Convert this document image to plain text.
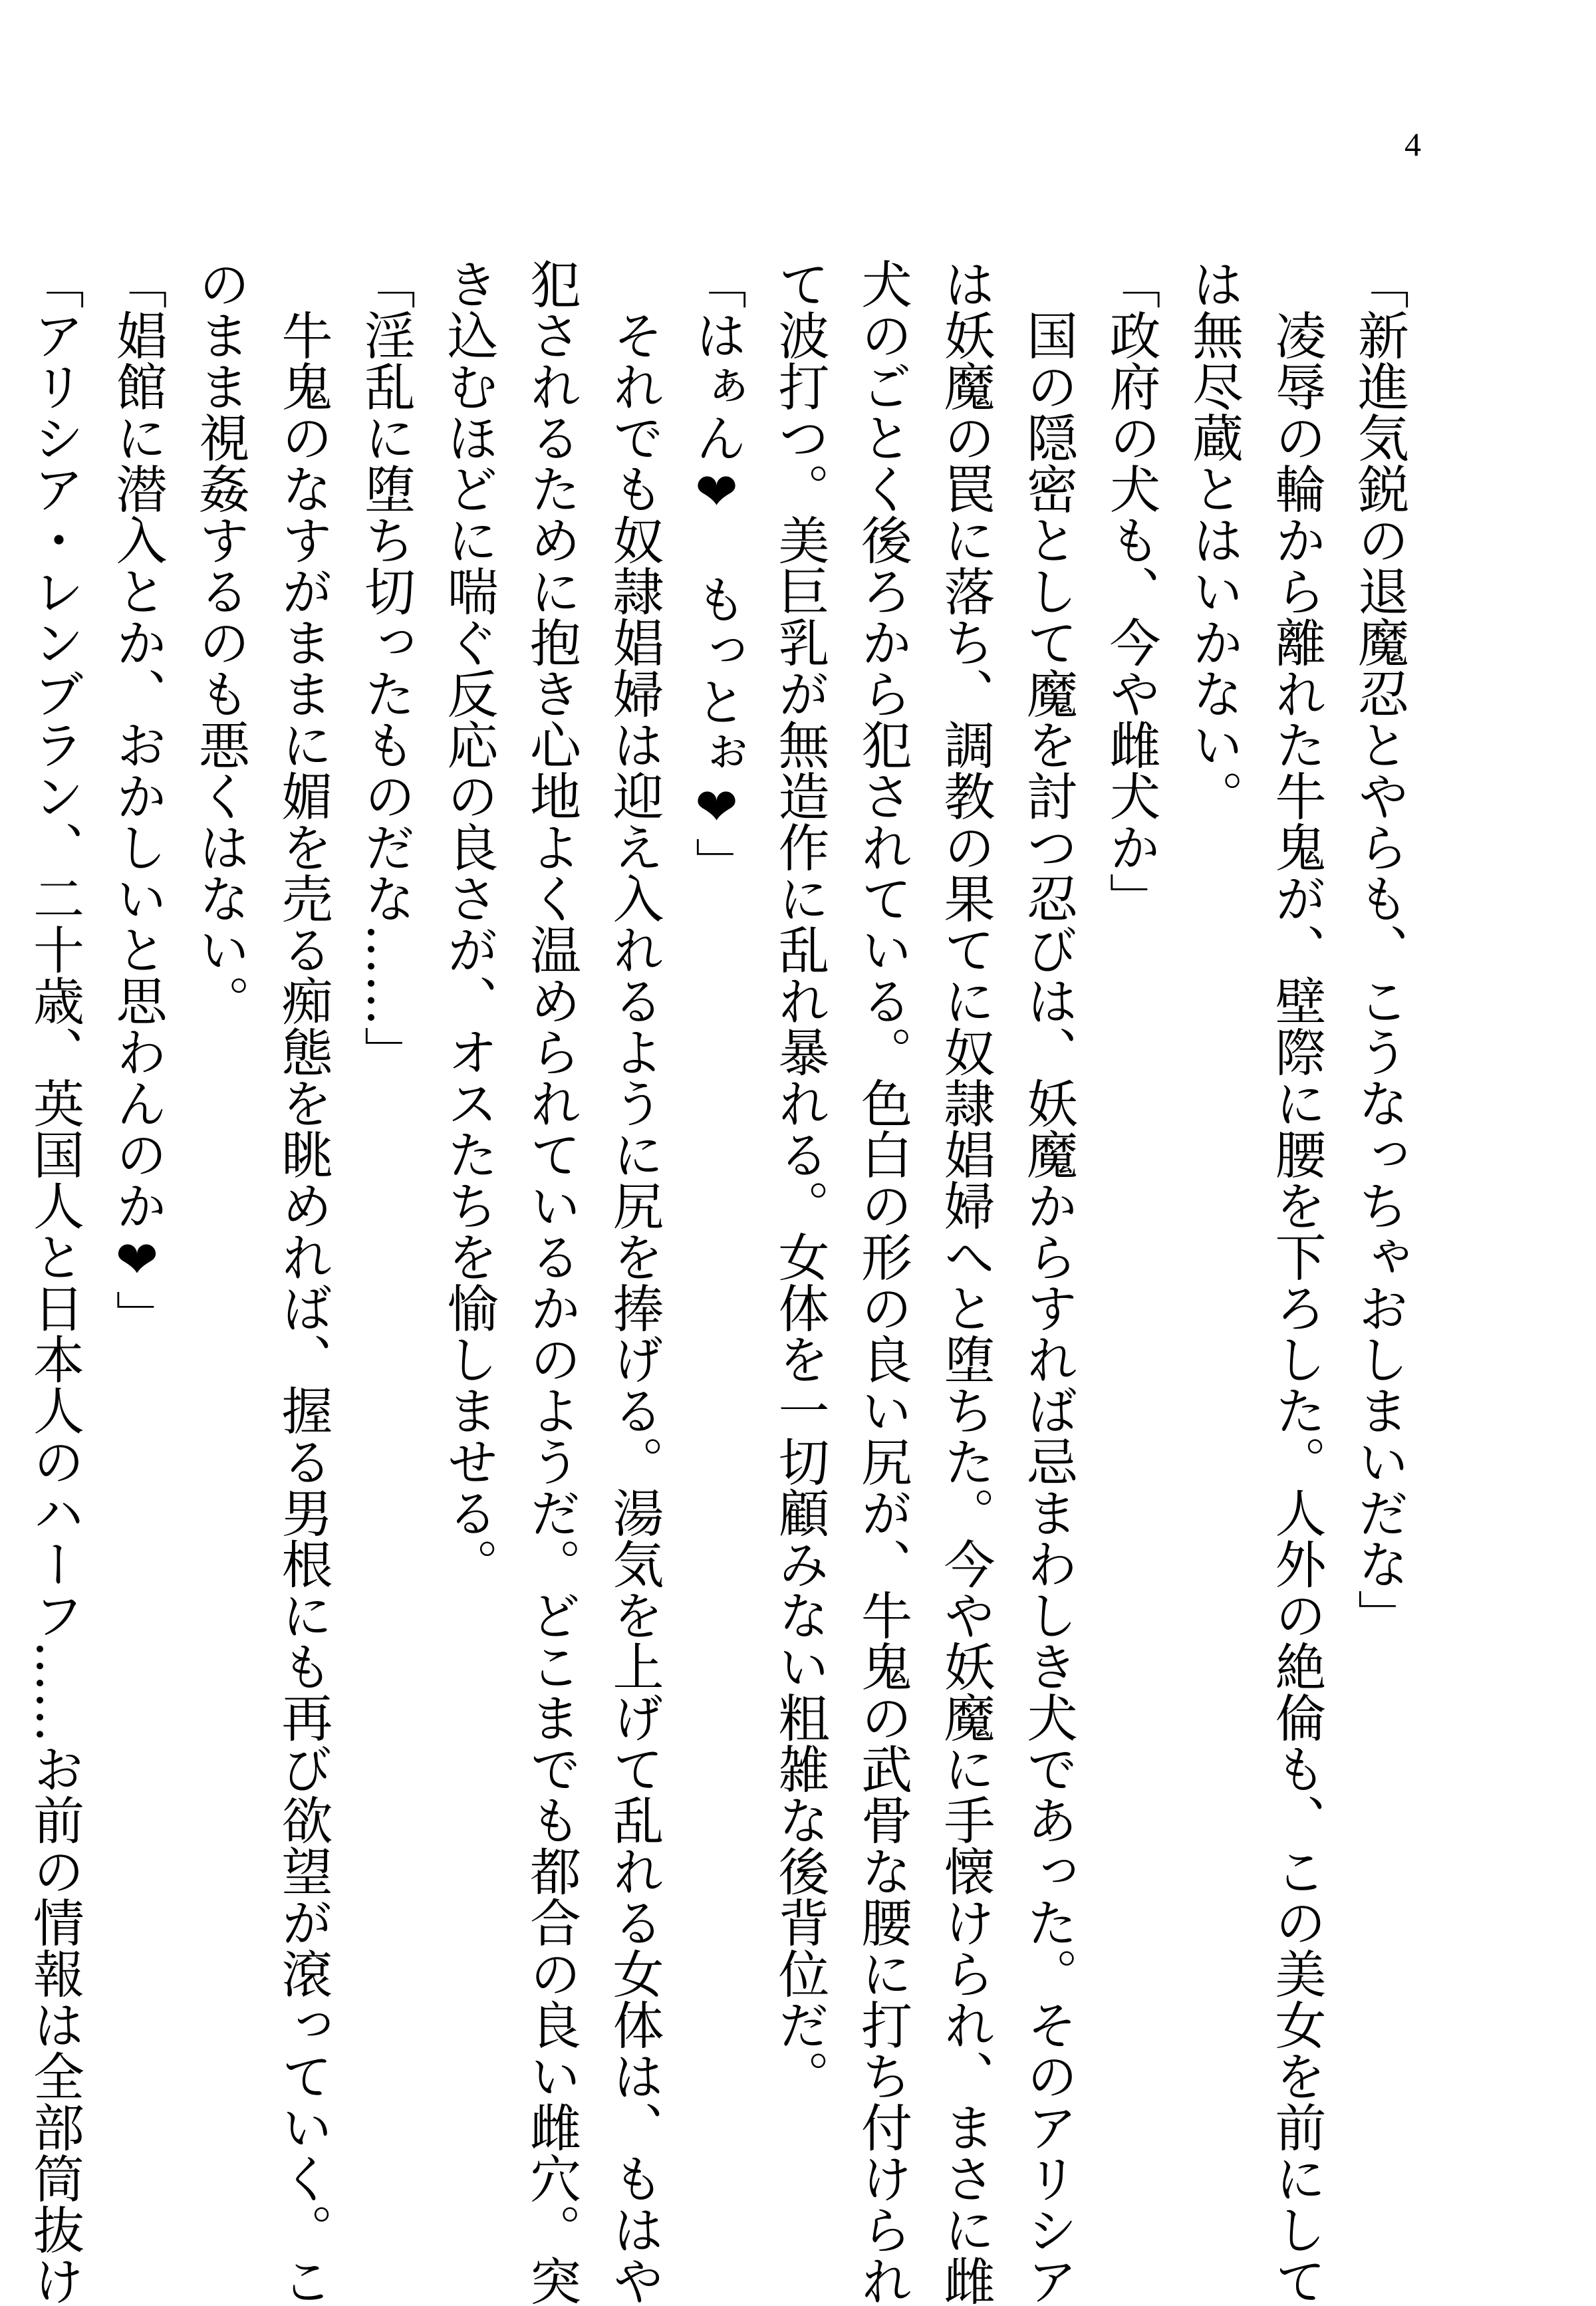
4
「新進気鋭の退魔忍とやらも、こうなっちゃおしまいだな」
凌辱の輪から離れた牛鬼が、壁際に腰を下ろした。人外の絶倫も、この美女を前にして
は無尽蔵とはいかない。
「政府の犬も、今や雌犬か」
国の隠密として魔を討つ忍びは、妖魔からすれば忌まわしき犬であった。そのアリシア
は妖魔の罠に落ち、調教の果てに奴隷娼婦へと堕ちた。今や妖魔に手懐けられ、まさに雌
犬のごとく後ろから犯されている。色白の形の良い尻が、牛鬼の武骨な腰に打ち付けられ
て波打つ。美巨乳が無造作に乱れ暴れる。女体を一切顧みない粗雑な後背位だ。
「はぁん❤　もっとぉ❤」
それでも奴隷娼婦は迎え入れるように尻を捧げる。湯気を上げて乱れる女体は、もはや
犯されるために抱き心地よく温められているかのようだ。どこまでも都合の良い雌穴。突
き込むほどに喘ぐ反応の良さが、オスたちを愉しませる。
「淫乱に堕ち切ったものだな……」
牛鬼のなすがままに媚を売る痴態を眺めれば、握る男根にも再び欲望が滾っていく。こ
のまま視姦するのも悪くはない。
「娼館に潜入とか、おかしいと思わんのか❤」
「アリシア・レンブラン、二十歳、英国人と日本人のハーフ……お前の情報は全部筒抜け
